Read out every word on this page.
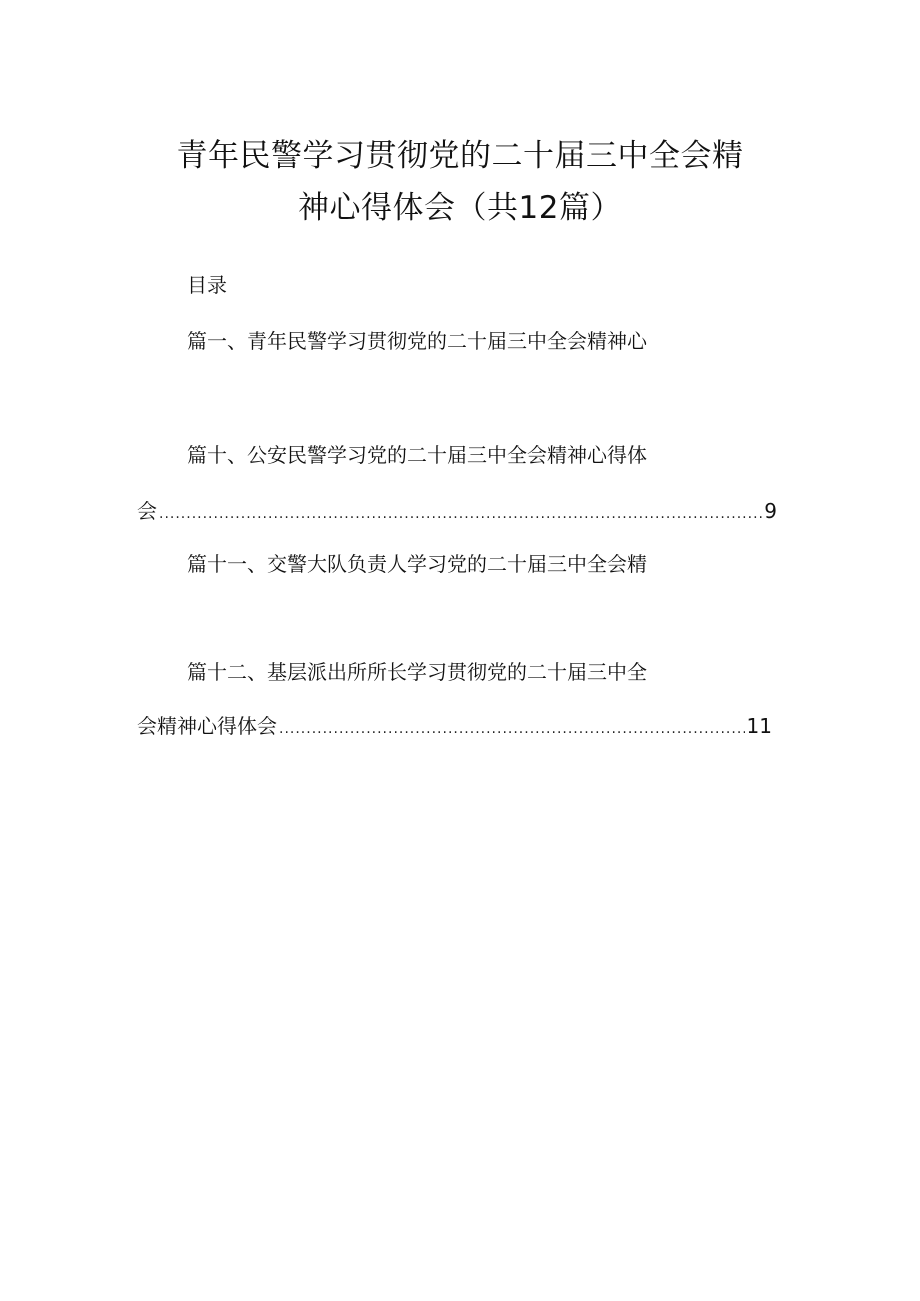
青年民警学习贯彻党的二十届三中全会精
神心得体会（共12篇）
目录
篇一、青年民警学习贯彻党的二十届三中全会精神心
篇十、公安民警学习党的二十届三中全会精神心得体
会 .....	9
篇十一、交警大队负责人学习党的二十届三中全会精
篇十二、基层派出所所长学习贯彻党的二十届三中全
会精神心得体会 .....	11
